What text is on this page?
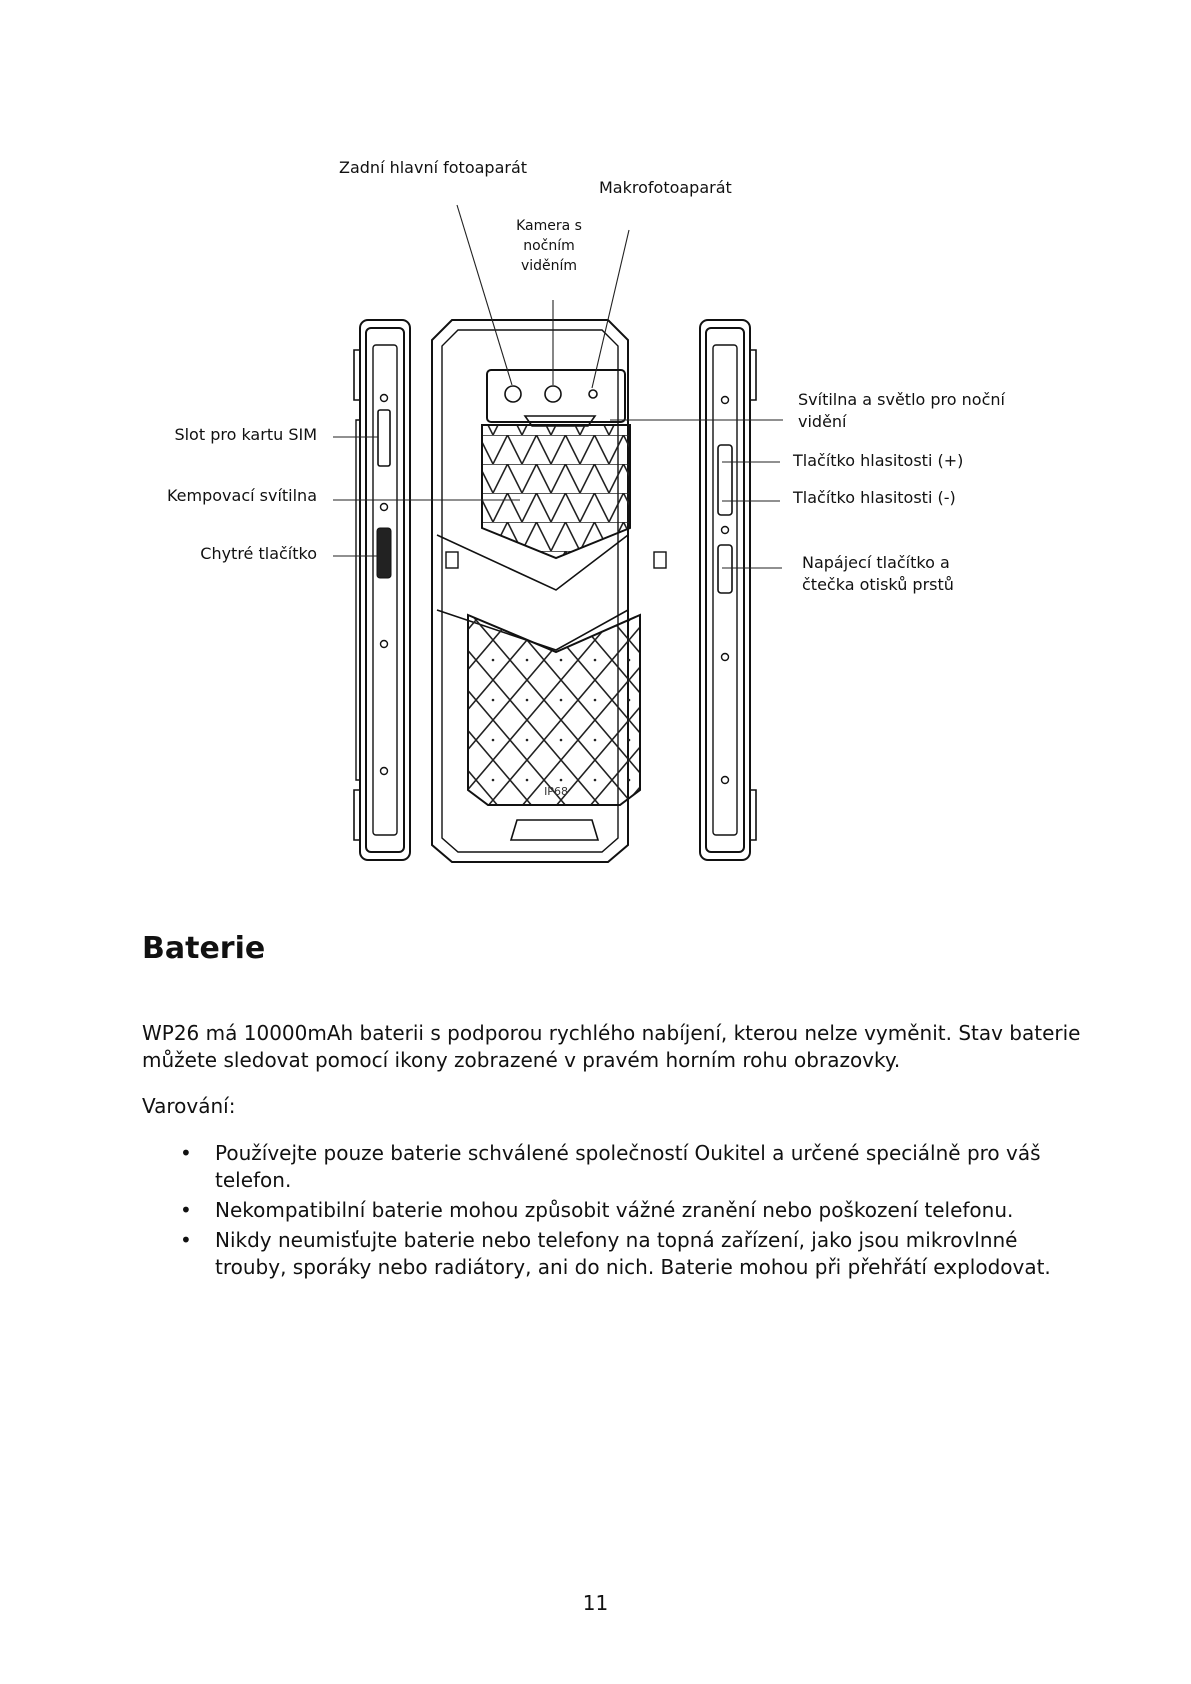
IP68
Zadní hlavní fotoaparát
Makrofotoaparát
Kamera s nočním viděním
Svítilna a světlo pro noční vidění
Slot pro kartu SIM
Tlačítko hlasitosti (+)
Kempovací svítilna	Tlačítko hlasitosti (-)
Chytré tlačítko	Napájecí tlačítko a čtečka otisků prstů
Baterie

WP26 má 10000mAh baterii s podporou rychlého nabíjení, kterou nelze vyměnit. Stav baterie můžete sledovat pomocí ikony zobrazené v pravém horním rohu obrazovky.

Varování:

• Používejte pouze baterie schválené společností Oukitel a určené speciálně pro váš telefon.
• Nekompatibilní baterie mohou způsobit vážné zranění nebo poškození telefonu.
• Nikdy neumisťujte baterie nebo telefony na topná zařízení, jako jsou mikrovlnné trouby, sporáky nebo radiátory, ani do nich. Baterie mohou při přehřátí explodovat.
11
